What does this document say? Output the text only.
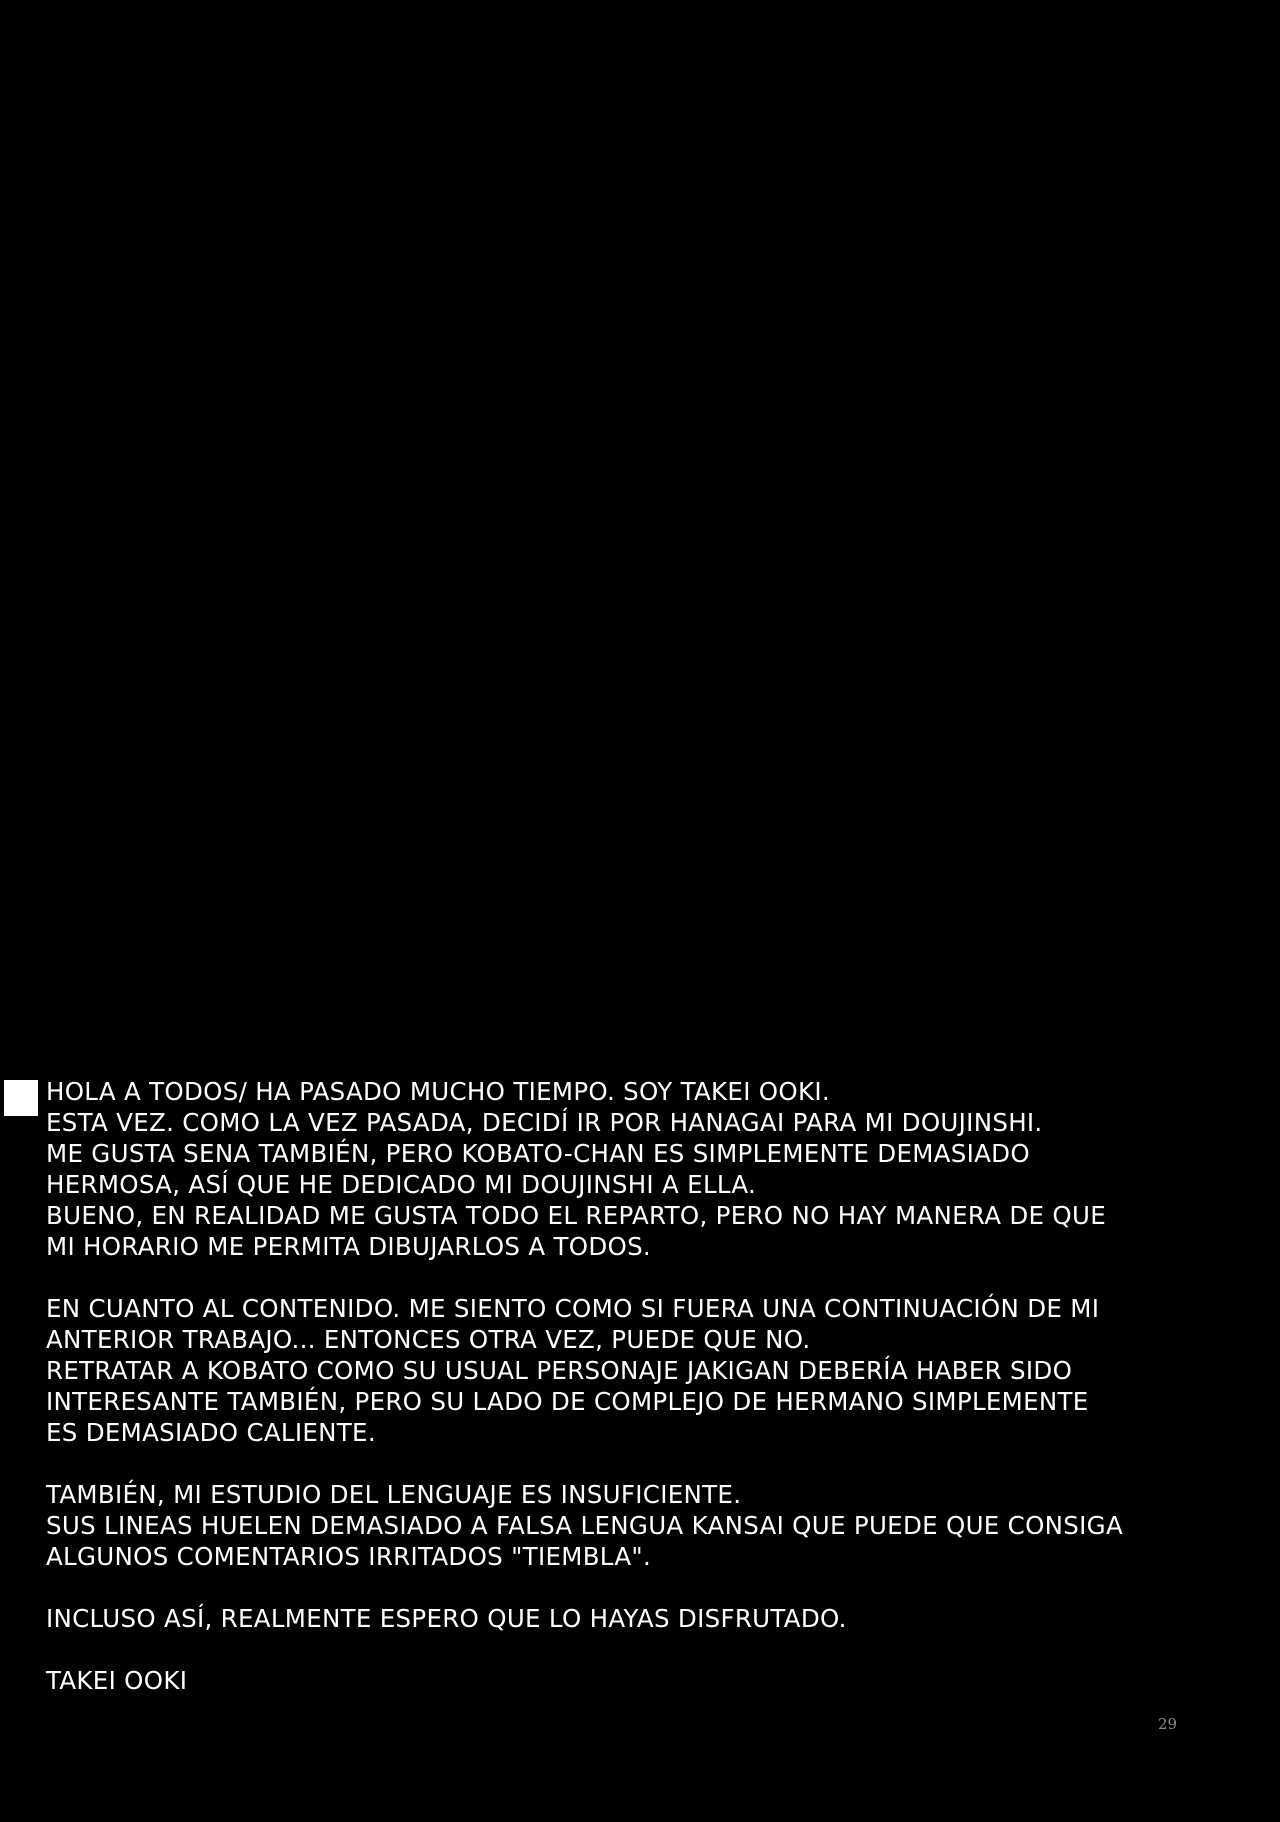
HOLA A TODOS/ HA PASADO MUCHO TIEMPO. SOY TAKEI OOKI.
ESTA VEZ. COMO LA VEZ PASADA, DECIDÍ IR POR HANAGAI PARA MI DOUJINSHI.
ME GUSTA SENA TAMBIÉN, PERO KOBATO-CHAN ES SIMPLEMENTE DEMASIADO
HERMOSA, ASÍ QUE HE DEDICADO MI DOUJINSHI A ELLA.
BUENO, EN REALIDAD ME GUSTA TODO EL REPARTO, PERO NO HAY MANERA DE QUE
MI HORARIO ME PERMITA DIBUJARLOS A TODOS.

EN CUANTO AL CONTENIDO. ME SIENTO COMO SI FUERA UNA CONTINUACIÓN DE MI
ANTERIOR TRABAJO... ENTONCES OTRA VEZ, PUEDE QUE NO.
RETRATAR A KOBATO COMO SU USUAL PERSONAJE JAKIGAN DEBERÍA HABER SIDO
INTERESANTE TAMBIÉN, PERO SU LADO DE COMPLEJO DE HERMANO SIMPLEMENTE
ES DEMASIADO CALIENTE.

TAMBIÉN, MI ESTUDIO DEL LENGUAJE ES INSUFICIENTE.
SUS LINEAS HUELEN DEMASIADO A FALSA LENGUA KANSAI QUE PUEDE QUE CONSIGA
ALGUNOS COMENTARIOS IRRITADOS "TIEMBLA".

INCLUSO ASÍ, REALMENTE ESPERO QUE LO HAYAS DISFRUTADO.

TAKEI OOKI

29
